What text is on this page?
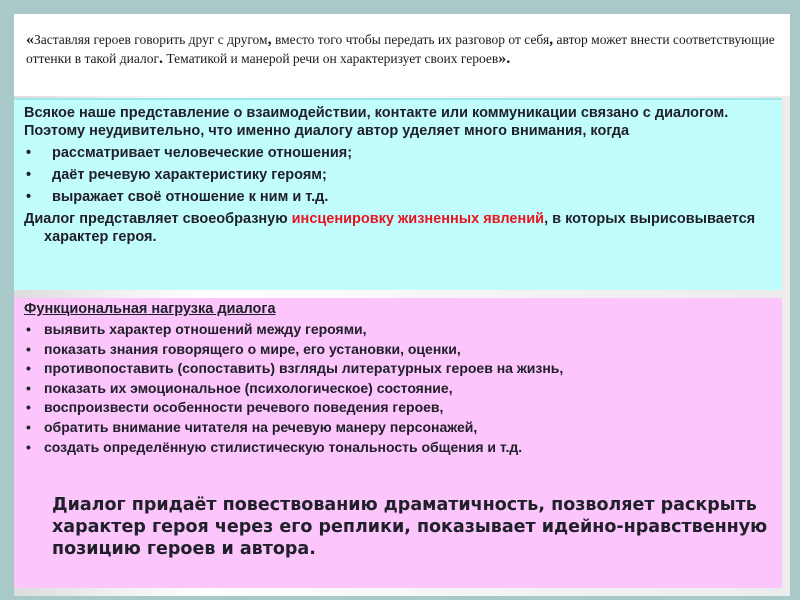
«Заставляя героев говорить друг с другом, вместо того чтобы передать их разговор от себя, автор может внести соответствующие оттенки в такой диалог. Тематикой и манерой речи он характеризует своих героев».

Всякое наше представление о взаимодействии, контакте или коммуникации связано с диалогом. Поэтому неудивительно, что именно диалогу автор уделяет много внимания, когда

• рассматривает человеческие отношения;
• даёт речевую характеристику героям;
• выражает своё отношение к ним и т.д.

Диалог представляет своеобразную инсценировку жизненных явлений, в которых вырисовывается характер героя.

Функциональная нагрузка диалога

• выявить характер отношений между героями,
• показать знания говорящего о мире, его установки, оценки,
• противопоставить (сопоставить) взгляды литературных героев на жизнь,
• показать их эмоциональное (психологическое) состояние,
• воспроизвести особенности речевого поведения героев,
• обратить внимание читателя на речевую манеру персонажей,
• создать определённую стилистическую тональность общения и т.д.

Диалог придаёт повествованию драматичность, позволяет раскрыть характер героя через его реплики, показывает идейно-нравственную позицию героев и автора.
